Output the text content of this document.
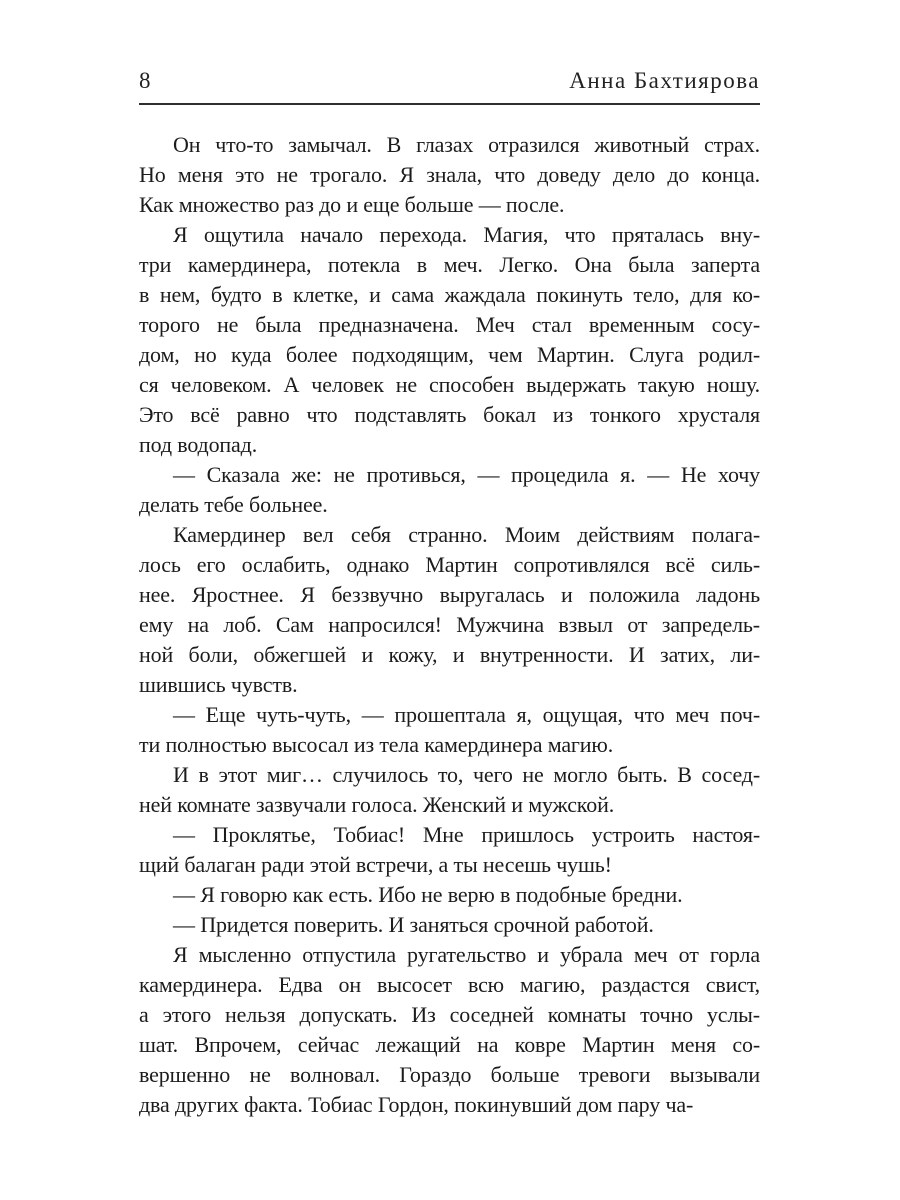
8	Анна Бахтиярова
Он что-то замычал. В глазах отразился животный страх.
Но меня это не трогало. Я знала, что доведу дело до конца.
Как множество раз до и еще больше — после.
Я ощутила начало перехода. Магия, что пряталась вну-
три камердинера, потекла в меч. Легко. Она была заперта
в нем, будто в клетке, и сама жаждала покинуть тело, для ко-
торого не была предназначена. Меч стал временным сосу-
дом, но куда более подходящим, чем Мартин. Слуга родил-
ся человеком. А человек не способен выдержать такую ношу.
Это всё равно что подставлять бокал из тонкого хрусталя
под водопад.
— Сказала же: не противься, — процедила я. — Не хочу
делать тебе больнее.
Камердинер вел себя странно. Моим действиям полага-
лось его ослабить, однако Мартин сопротивлялся всё силь-
нее. Яростнее. Я беззвучно выругалась и положила ладонь
ему на лоб. Сам напросился! Мужчина взвыл от запредель-
ной боли, обжегшей и кожу, и внутренности. И затих, ли-
шившись чувств.
— Еще чуть-чуть, — прошептала я, ощущая, что меч поч-
ти полностью высосал из тела камердинера магию.
И в этот миг… случилось то, чего не могло быть. В сосед-
ней комнате зазвучали голоса. Женский и мужской.
— Проклятье, Тобиас! Мне пришлось устроить настоя-
щий балаган ради этой встречи, а ты несешь чушь!
— Я говорю как есть. Ибо не верю в подобные бредни.
— Придется поверить. И заняться срочной работой.
Я мысленно отпустила ругательство и убрала меч от горла
камердинера. Едва он высосет всю магию, раздастся свист,
а этого нельзя допускать. Из соседней комнаты точно услы-
шат. Впрочем, сейчас лежащий на ковре Мартин меня со-
вершенно не волновал. Гораздо больше тревоги вызывали
два других факта. Тобиас Гордон, покинувший дом пару ча-
